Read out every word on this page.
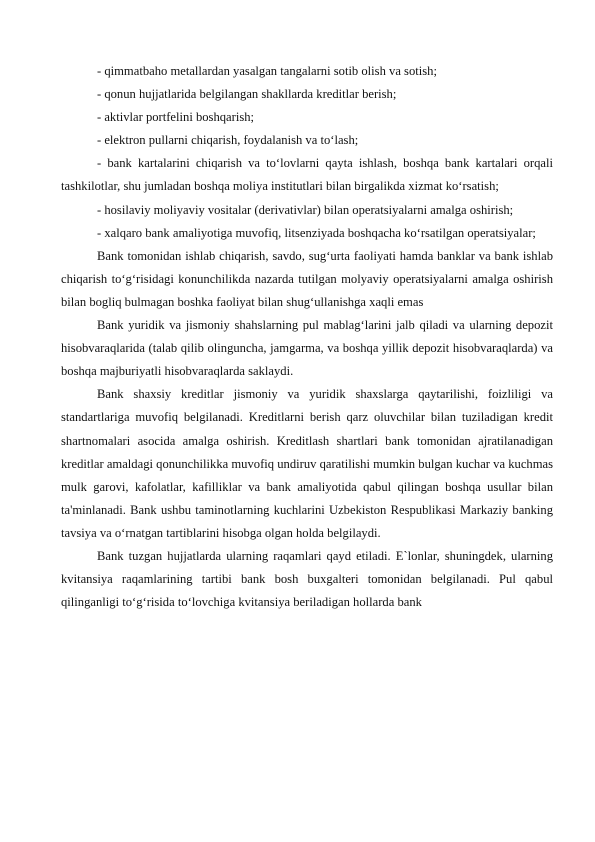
- qimmatbaho metallardan yasalgan tangalarni sotib olish va sotish;

- qonun hujjatlarida belgilangan shakllarda kreditlar berish;

- aktivlar portfelini boshqarish;

- elektron pullarni chiqarish, foydalanish va to‘lash;

- bank kartalarini chiqarish va to‘lovlarni qayta ishlash, boshqa bank kartalari orqali tashkilotlar, shu jumladan boshqa moliya institutlari bilan birgalikda xizmat ko‘rsatish;

- hosilaviy moliyaviy vositalar (derivativlar) bilan operatsiyalarni amalga oshirish;

- xalqaro bank amaliyotiga muvofiq, litsenziyada boshqacha ko‘rsatilgan operatsiyalar;

Bank tomonidan ishlab chiqarish, savdo, sug‘urta faoliyati hamda banklar va bank ishlab chiqarish to‘g‘risidagi konunchilikda nazarda tutilgan molyaviy operatsiyalarni amalga oshirish bilan bogliq bulmagan boshka faoliyat bilan shug‘ullanishga xaqli emas

Bank yuridik va jismoniy shahslarning pul mablag‘larini jalb qiladi va ularning depozit hisobvaraqlarida (talab qilib olinguncha, jamgarma, va boshqa yillik depozit hisobvaraqlarda) va boshqa majburiyatli hisobvaraqlarda saklaydi.

Bank shaxsiy kreditlar jismoniy va yuridik shaxslarga qaytarilishi, foizliligi va standartlariga muvofiq belgilanadi. Kreditlarni berish qarz oluvchilar bilan tuziladigan kredit shartnomalari asocida amalga oshirish. Kreditlash shartlari bank tomonidan ajratilanadigan kreditlar amaldagi qonunchilikka muvofiq undiruv qaratilishi mumkin bulgan kuchar va kuchmas mulk garovi, kafolatlar, kafilliklar va bank amaliyotida qabul qilingan boshqa usullar bilan ta'minlanadi. Bank ushbu taminotlarning kuchlarini Uzbekiston Respublikasi Markaziy banking tavsiya va o‘rnatgan tartiblarini hisobga olgan holda belgilaydi.

Bank tuzgan hujjatlarda ularning raqamlari qayd etiladi. E`lonlar, shuningdek, ularning kvitansiya raqamlarining tartibi bank bosh buxgalteri tomonidan belgilanadi. Pul qabul qilinganligi to‘g‘risida to‘lovchiga kvitansiya beriladigan hollarda bank
